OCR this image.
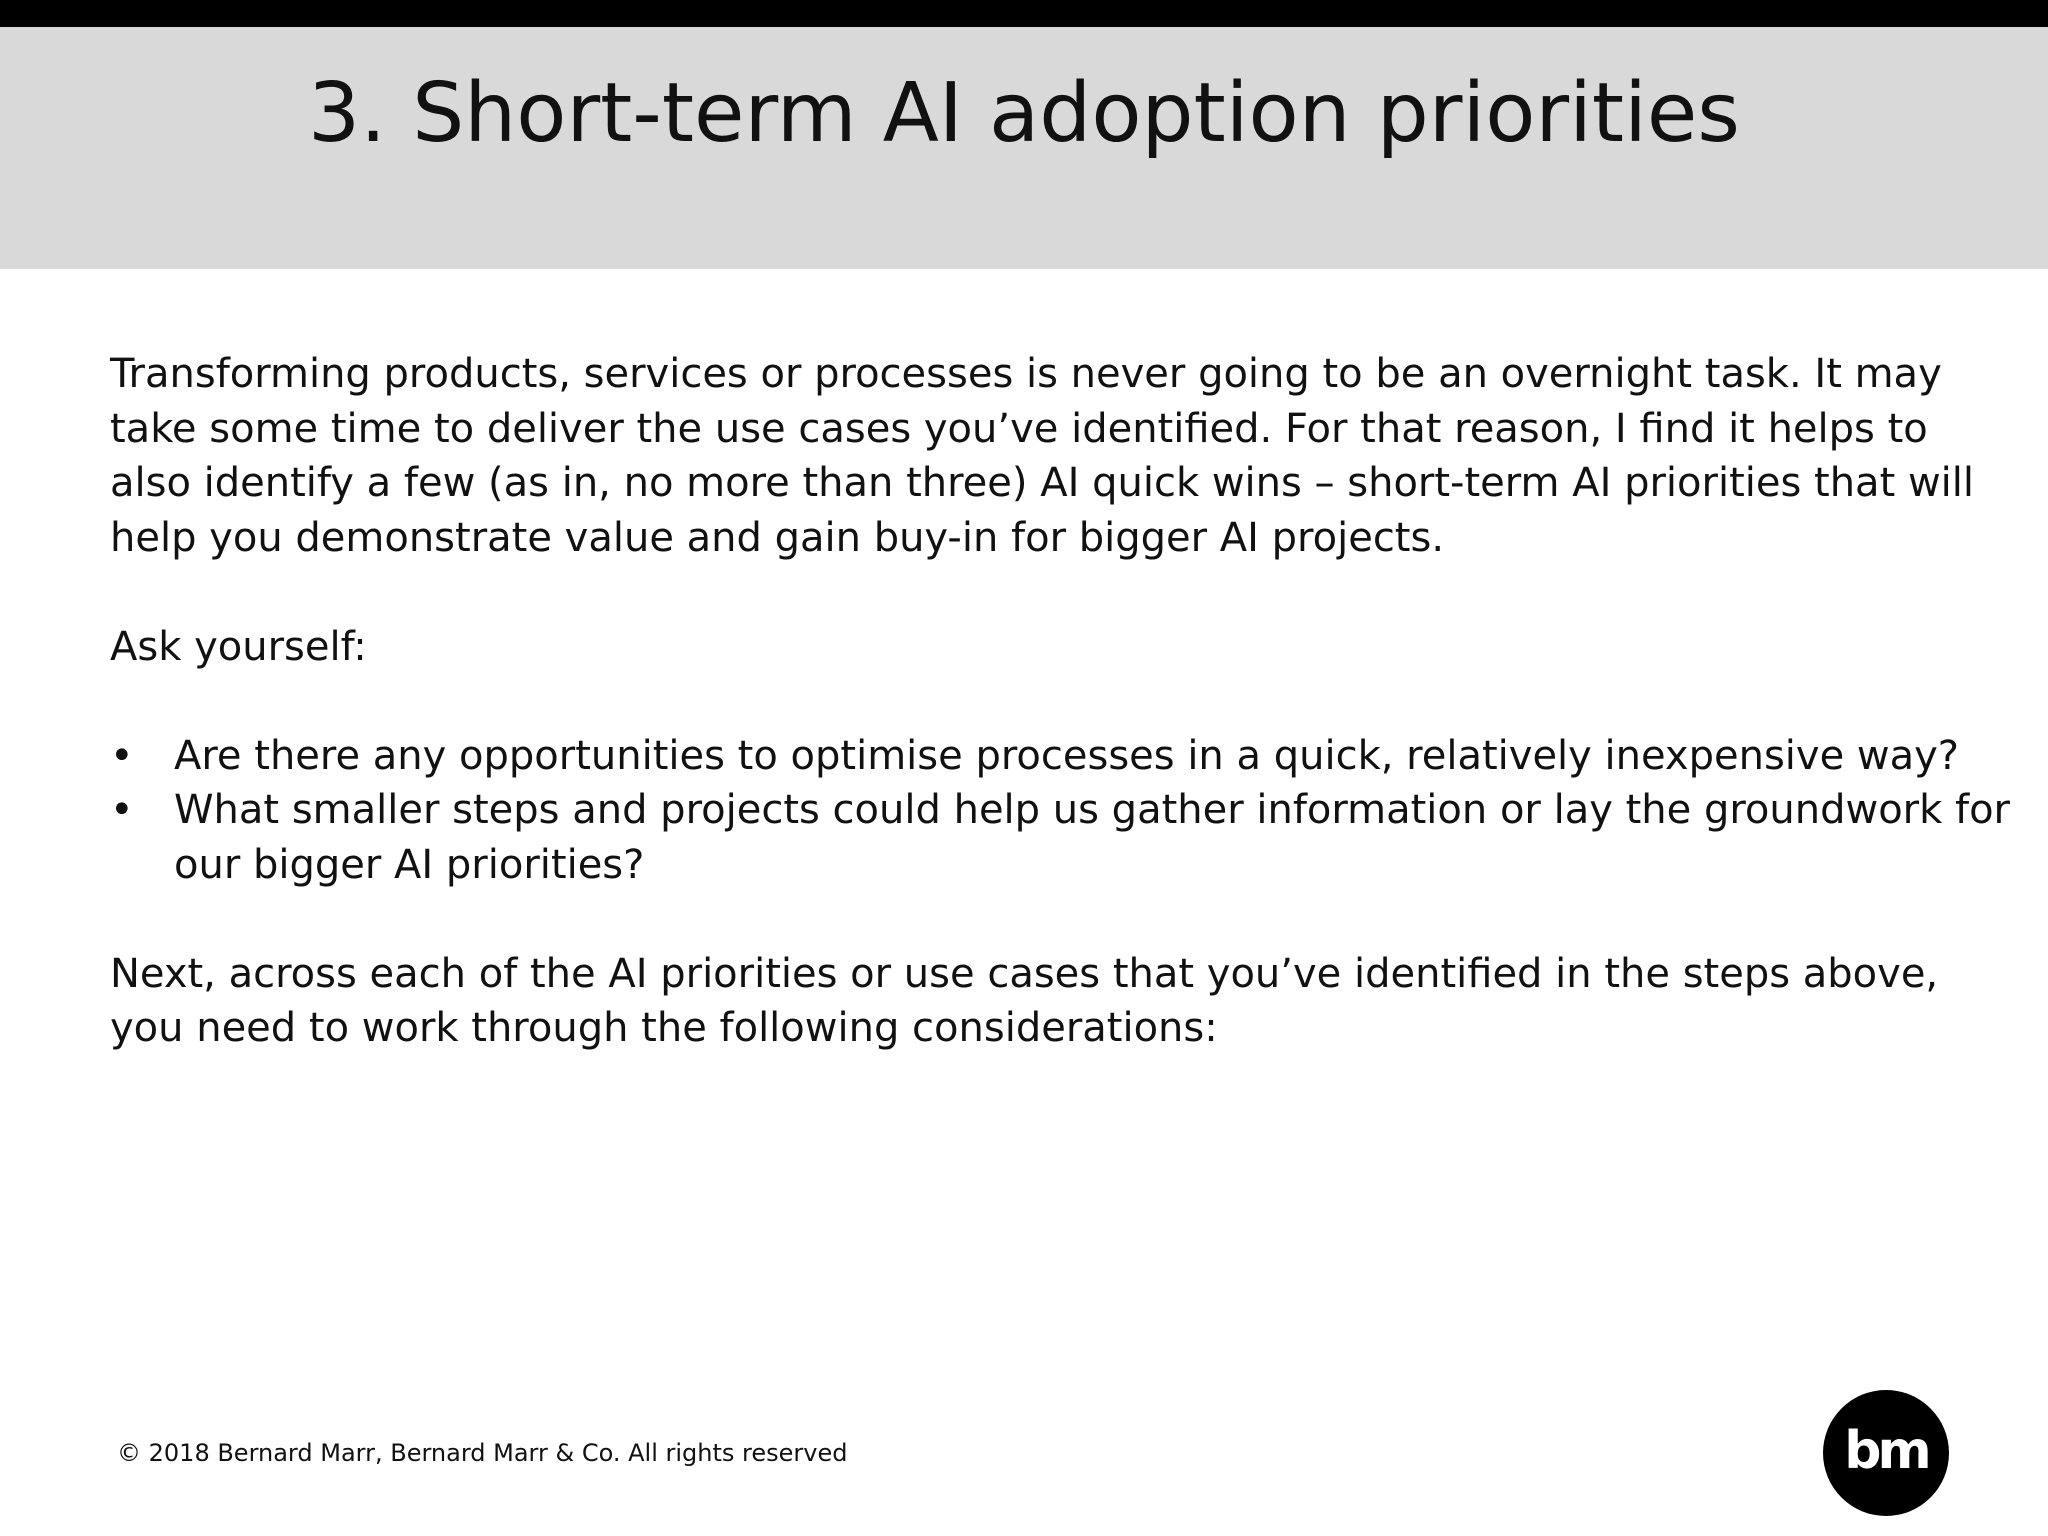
3. Short-term AI adoption priorities

Transforming products, services or processes is never going to be an overnight task. It may take some time to deliver the use cases you’ve identified. For that reason, I find it helps to also identify a few (as in, no more than three) AI quick wins – short-term AI priorities that will help you demonstrate value and gain buy-in for bigger AI projects.

Ask yourself:

• Are there any opportunities to optimise processes in a quick, relatively inexpensive way?
• What smaller steps and projects could help us gather information or lay the groundwork for our bigger AI priorities?

Next, across each of the AI priorities or use cases that you’ve identified in the steps above, you need to work through the following considerations:

© 2018 Bernard Marr, Bernard Marr & Co. All rights reserved	bm
